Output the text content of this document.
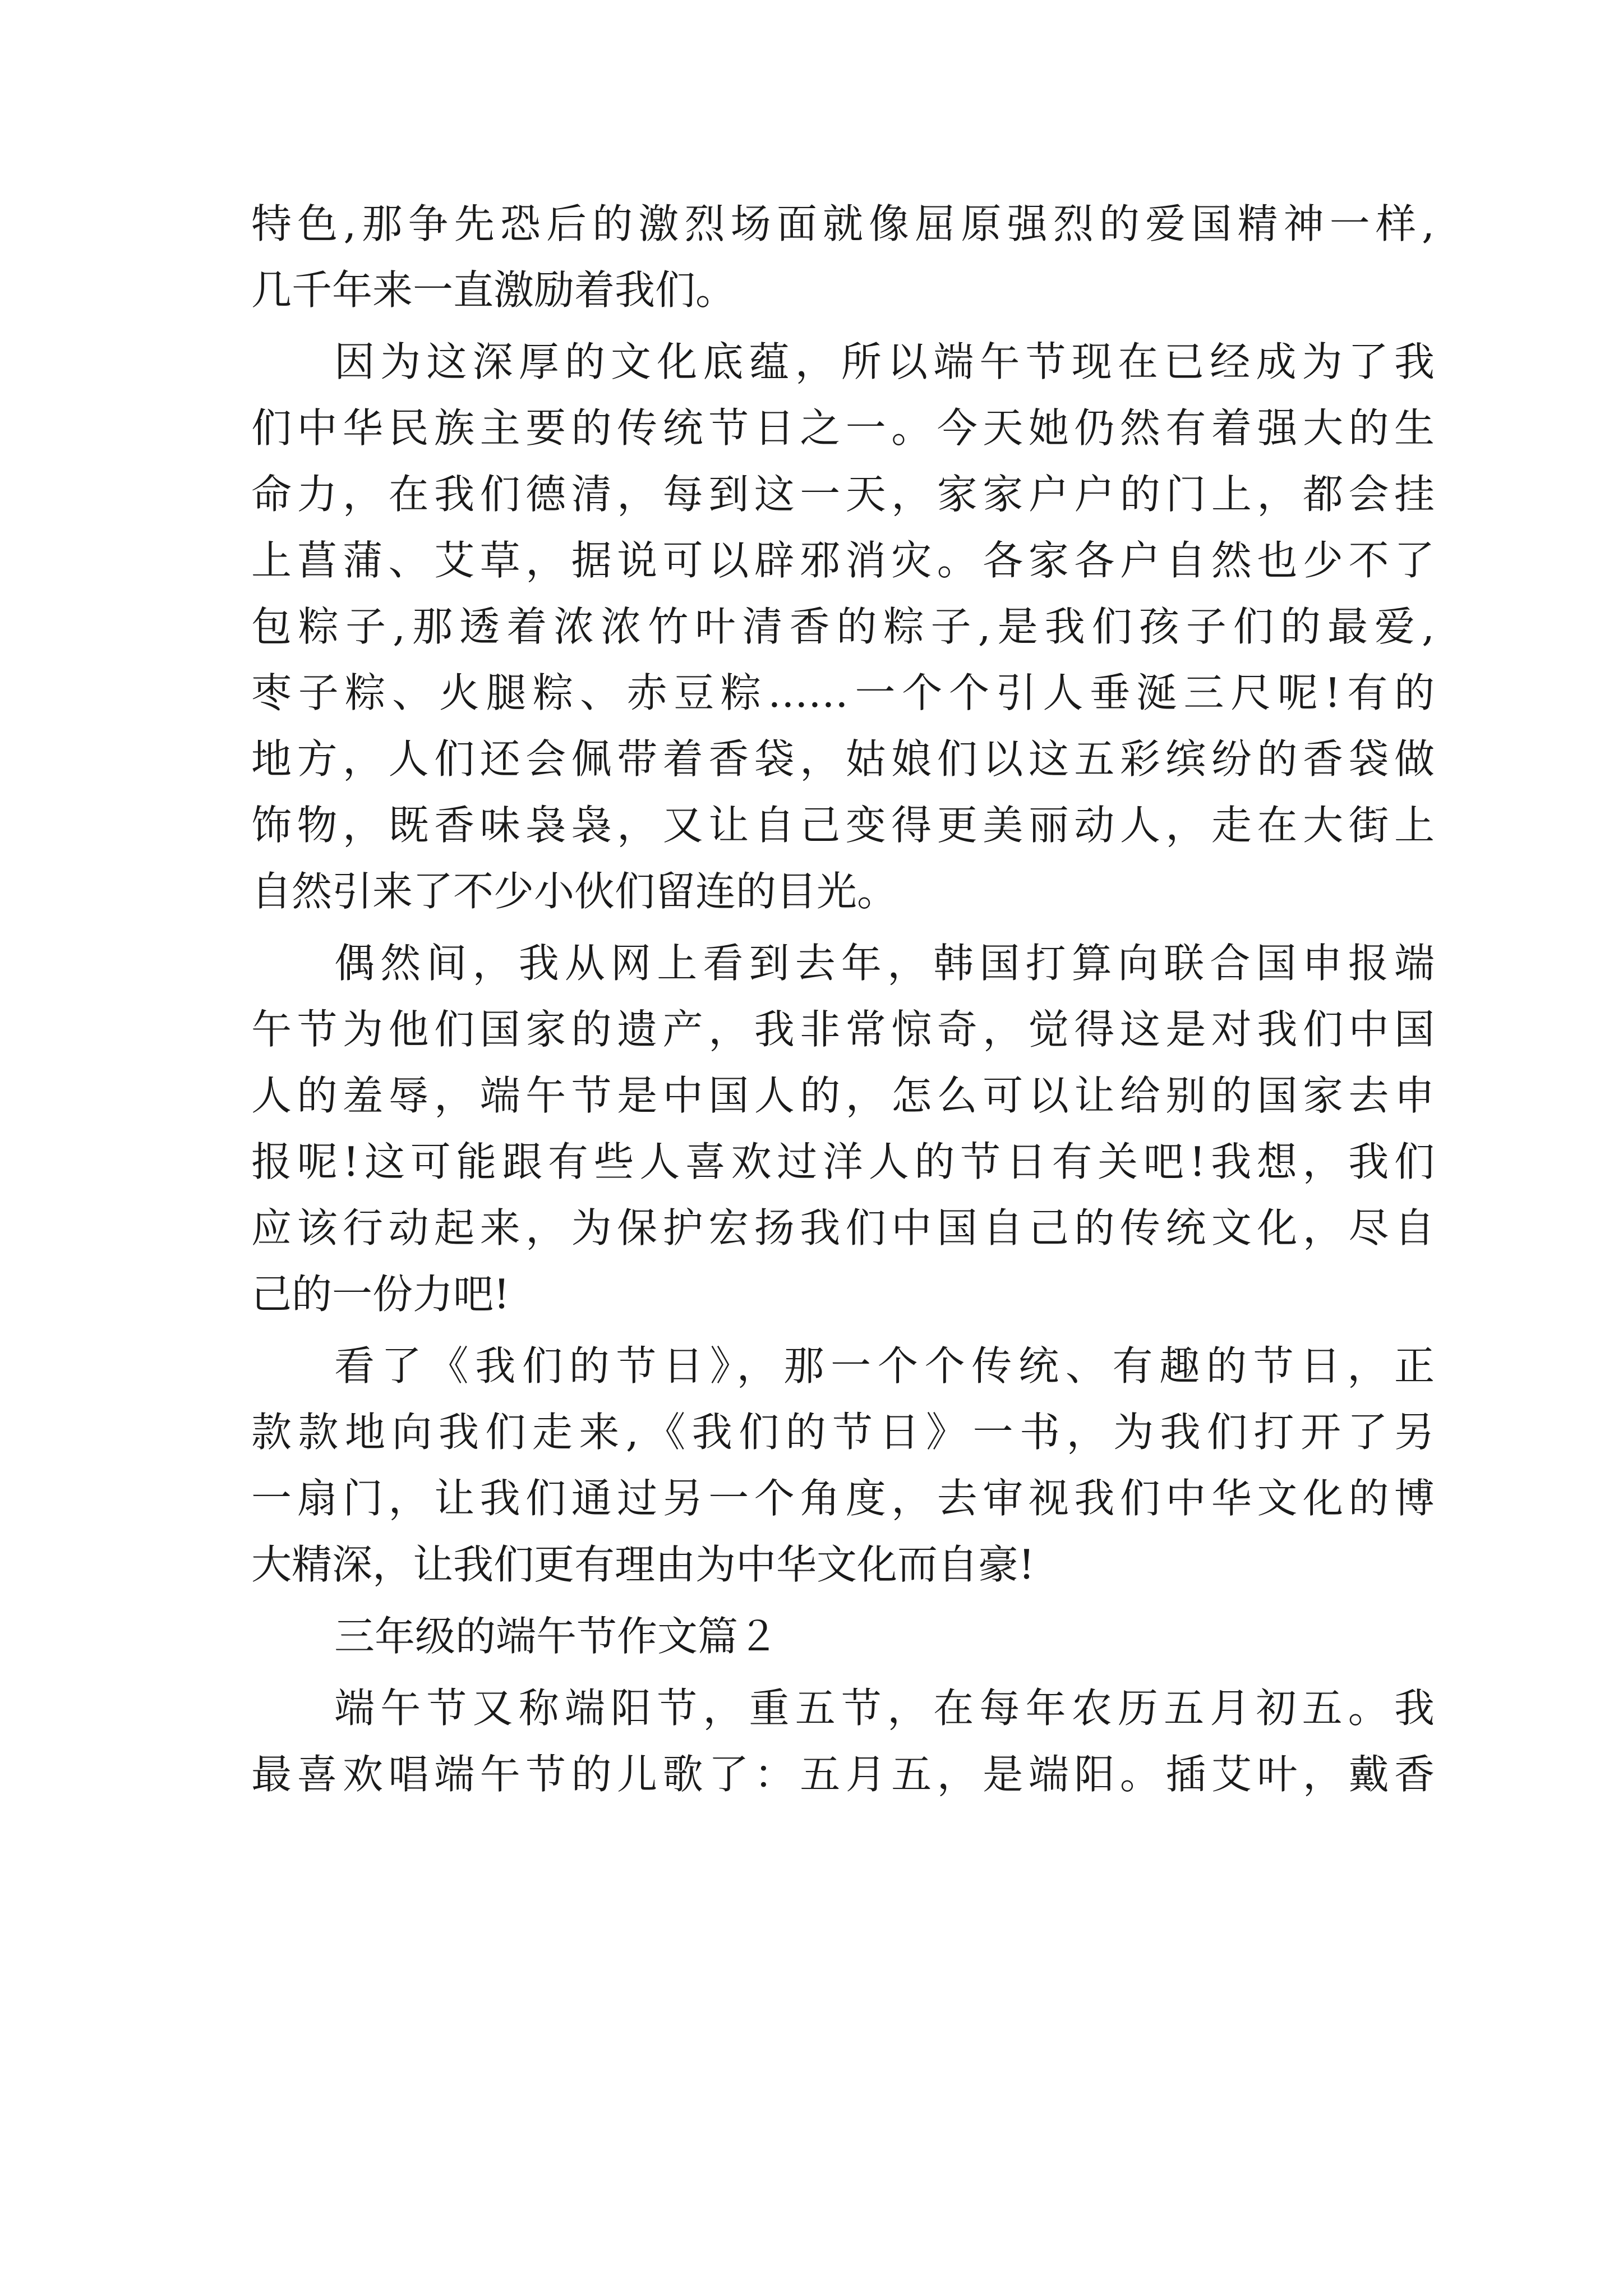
特色,那争先恐后的激烈场面就像屈原强烈的爱国精神一样,
几千年来一直激励着我们。
因为这深厚的文化底蕴，所以端午节现在已经成为了我
们中华民族主要的传统节日之一。今天她仍然有着强大的生
命力，在我们德清，每到这一天，家家户户的门上，都会挂
上菖蒲、艾草，据说可以辟邪消灾。各家各户自然也少不了
包粽子,那透着浓浓竹叶清香的粽子,是我们孩子们的最爱,
枣子粽、火腿粽、赤豆粽……一个个引人垂涎三尺呢!有的
地方，人们还会佩带着香袋，姑娘们以这五彩缤纷的香袋做
饰物，既香味袅袅，又让自己变得更美丽动人，走在大街上
自然引来了不少小伙们留连的目光。
偶然间，我从网上看到去年，韩国打算向联合国申报端
午节为他们国家的遗产，我非常惊奇，觉得这是对我们中国
人的羞辱，端午节是中国人的，怎么可以让给别的国家去申
报呢!这可能跟有些人喜欢过洋人的节日有关吧!我想，我们
应该行动起来，为保护宏扬我们中国自己的传统文化，尽自
己的一份力吧!
看了《我们的节日》，那一个个传统、有趣的节日，正
款款地向我们走来,《我们的节日》一书，为我们打开了另
一扇门，让我们通过另一个角度，去审视我们中华文化的博
大精深，让我们更有理由为中华文化而自豪!
三年级的端午节作文篇２
端午节又称端阳节，重五节，在每年农历五月初五。我
最喜欢唱端午节的儿歌了：五月五，是端阳。插艾叶，戴香
